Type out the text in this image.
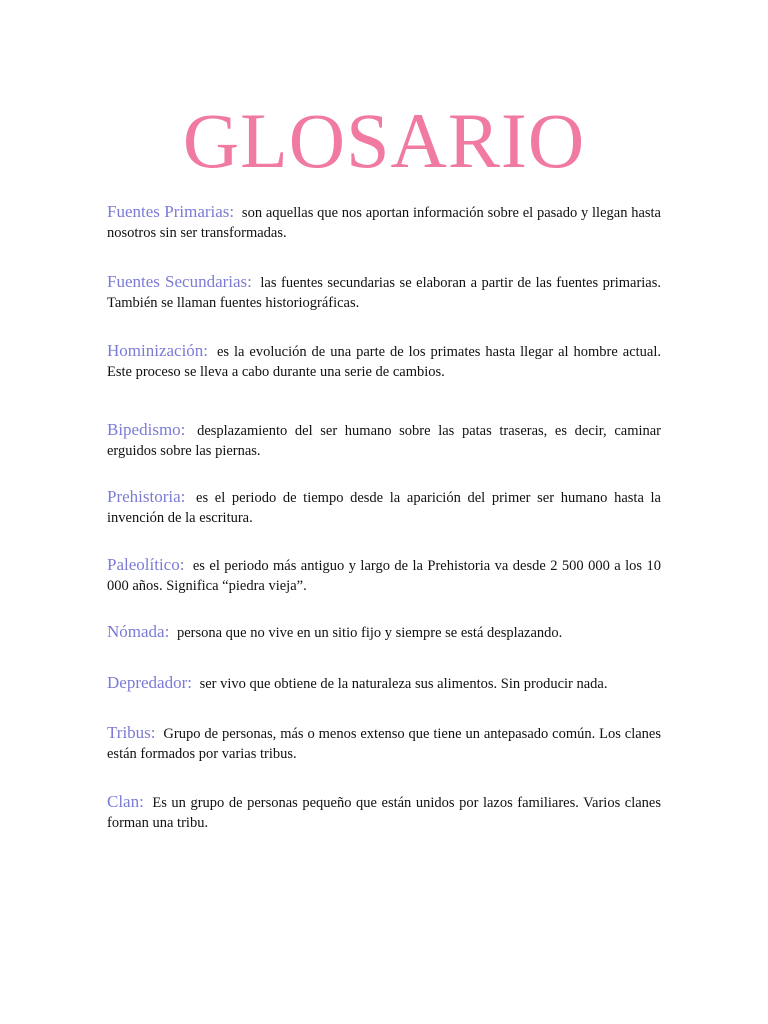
GLOSARIO

Fuentes Primarias: son aquellas que nos aportan información sobre el pasado y llegan hasta nosotros sin ser transformadas.

Fuentes Secundarias: las fuentes secundarias se elaboran a partir de las fuentes primarias. También se llaman fuentes historiográficas.

Hominización: es la evolución de una parte de los primates hasta llegar al hombre actual. Este proceso se lleva a cabo durante una serie de cambios.

Bipedismo: desplazamiento del ser humano sobre las patas traseras, es decir, caminar erguidos sobre las piernas.

Prehistoria: es el periodo de tiempo desde la aparición del primer ser humano hasta la invención de la escritura.

Paleolítico: es el periodo más antiguo y largo de la Prehistoria va desde 2 500 000 a los 10 000 años. Significa “piedra vieja”.

Nómada: persona que no vive en un sitio fijo y siempre se está desplazando.

Depredador: ser vivo que obtiene de la naturaleza sus alimentos. Sin producir nada.

Tribus: Grupo de personas, más o menos extenso que tiene un antepasado común. Los clanes están formados por varias tribus.

Clan: Es un grupo de personas pequeño que están unidos por lazos familiares. Varios clanes forman una tribu.
